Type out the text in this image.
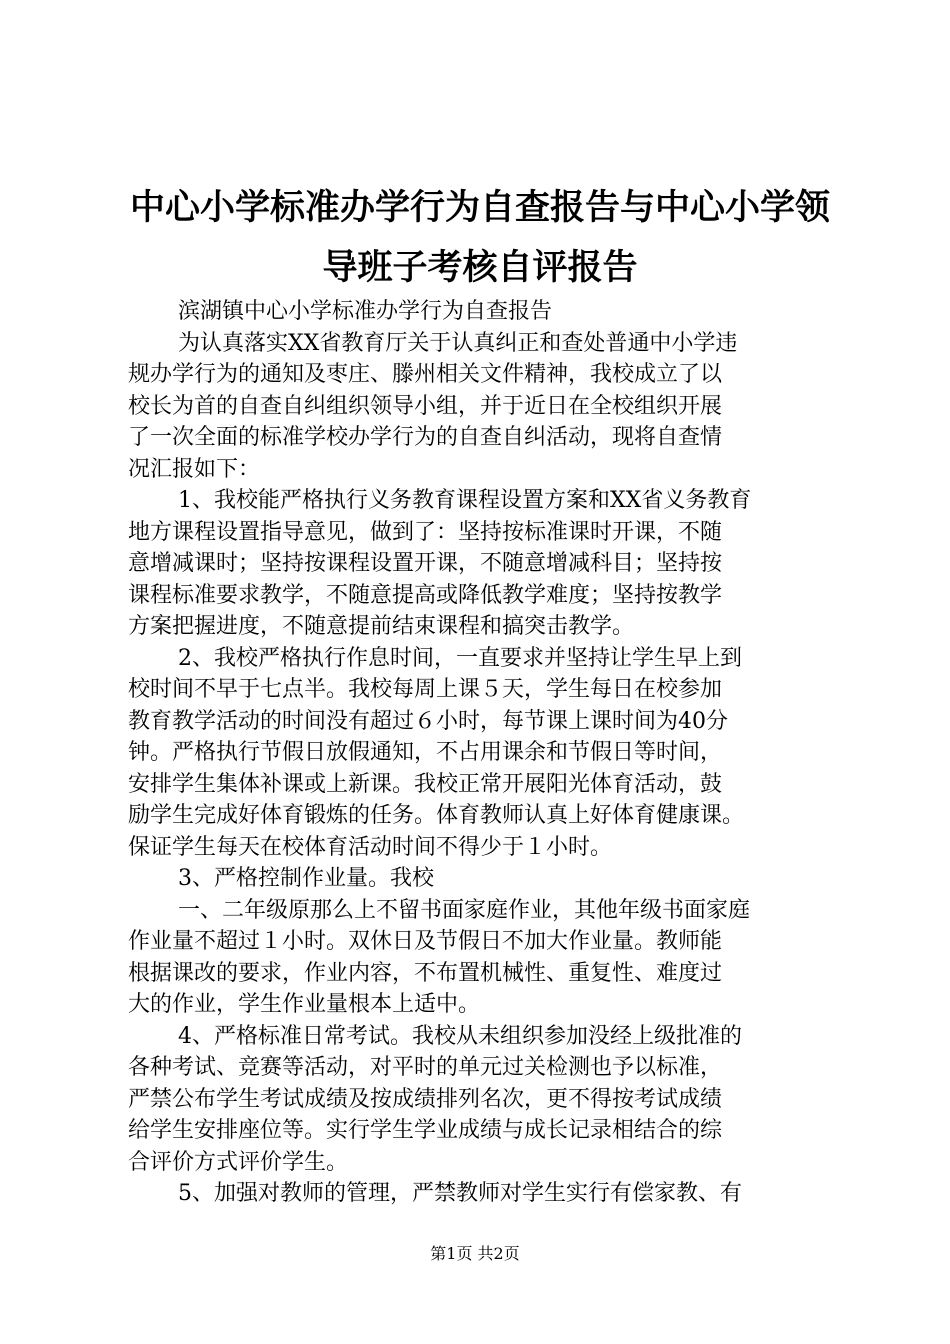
中心小学标准办学行为自查报告与中心小学领
导班子考核自评报告
滨湖镇中心小学标准办学行为自查报告
为认真落实XX省教育厅关于认真纠正和查处普通中小学违
规办学行为的通知及枣庄、滕州相关文件精神，我校成立了以
校长为首的自查自纠组织领导小组，并于近日在全校组织开展
了一次全面的标准学校办学行为的自查自纠活动，现将自查情
况汇报如下：
1、我校能严格执行义务教育课程设置方案和XX省义务教育
地方课程设置指导意见，做到了：坚持按标准课时开课，不随
意增减课时；坚持按课程设置开课，不随意增减科目；坚持按
课程标准要求教学，不随意提高或降低教学难度；坚持按教学
方案把握进度，不随意提前结束课程和搞突击教学。
2、我校严格执行作息时间，一直要求并坚持让学生早上到
校时间不早于七点半。我校每周上课５天，学生每日在校参加
教育教学活动的时间没有超过６小时，每节课上课时间为40分
钟。严格执行节假日放假通知，不占用课余和节假日等时间，
安排学生集体补课或上新课。我校正常开展阳光体育活动，鼓
励学生完成好体育锻炼的任务。体育教师认真上好体育健康课。
保证学生每天在校体育活动时间不得少于１小时。
3、严格控制作业量。我校
一、二年级原那么上不留书面家庭作业，其他年级书面家庭
作业量不超过１小时。双休日及节假日不加大作业量。教师能
根据课改的要求，作业内容，不布置机械性、重复性、难度过
大的作业，学生作业量根本上适中。
4、严格标准日常考试。我校从未组织参加没经上级批准的
各种考试、竞赛等活动，对平时的单元过关检测也予以标准，
严禁公布学生考试成绩及按成绩排列名次，更不得按考试成绩
给学生安排座位等。实行学生学业成绩与成长记录相结合的综
合评价方式评价学生。
5、加强对教师的管理，严禁教师对学生实行有偿家教、有
第1页 共2页
